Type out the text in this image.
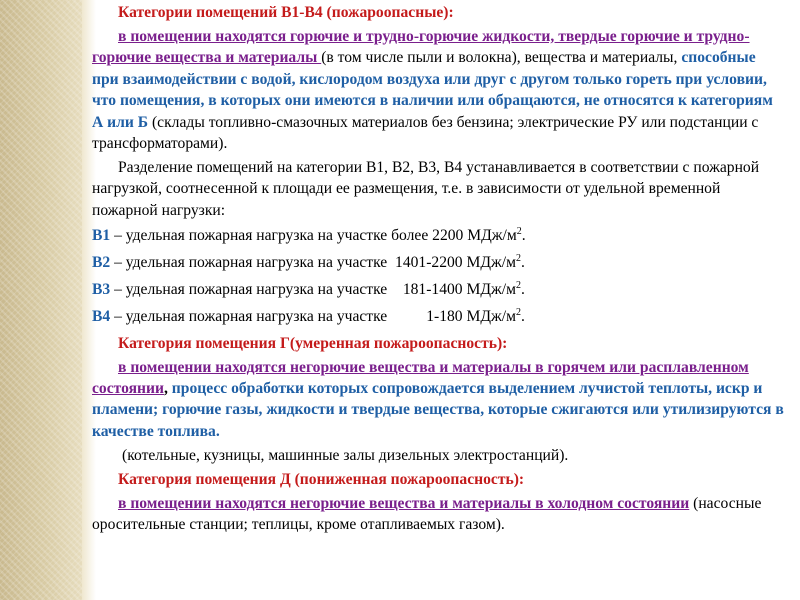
Категории помещений В1-В4 (пожароопасные):

в помещении находятся горючие и трудно-горючие жидкости, твердые горючие и трудно-горючие вещества и материалы (в том числе пыли и волокна), вещества и материалы, способные при взаимодействии с водой, кислородом воздуха или друг с другом только гореть при условии, что помещения, в которых они имеются в наличии или обращаются, не относятся к категориям А или Б (склады топливно-смазочных материалов без бензина; электрические РУ или подстанции с трансформаторами).

Разделение помещений на категории В1, В2, В3, В4 устанавливается в соответствии с пожарной нагрузкой, соотнесенной к площади ее размещения, т.е. в зависимости от удельной временной пожарной нагрузки:

В1 – удельная пожарная нагрузка на участке более 2200 МДж/$м^2$.
В2 – удельная пожарная нагрузка на участке  1401-2200 МДж/$м^2$.
В3 – удельная пожарная нагрузка на участке    181-1400 МДж/$м^2$.
В4 – удельная пожарная нагрузка на участке          1-180 МДж/$м^2$.

Категория помещения Г(умеренная пожароопасность):

в помещении находятся негорючие вещества и материалы в горячем или расплавленном состоянии, процесс обработки которых сопровождается выделением лучистой теплоты, искр и пламени; горючие газы, жидкости и твердые вещества, которые сжигаются или утилизируются в качестве топлива.

(котельные, кузницы, машинные залы дизельных электростанций).

Категория помещения Д (пониженная пожароопасность):

в помещении находятся негорючие вещества и материалы в холодном состоянии (насосные оросительные станции; теплицы, кроме отапливаемых газом).
